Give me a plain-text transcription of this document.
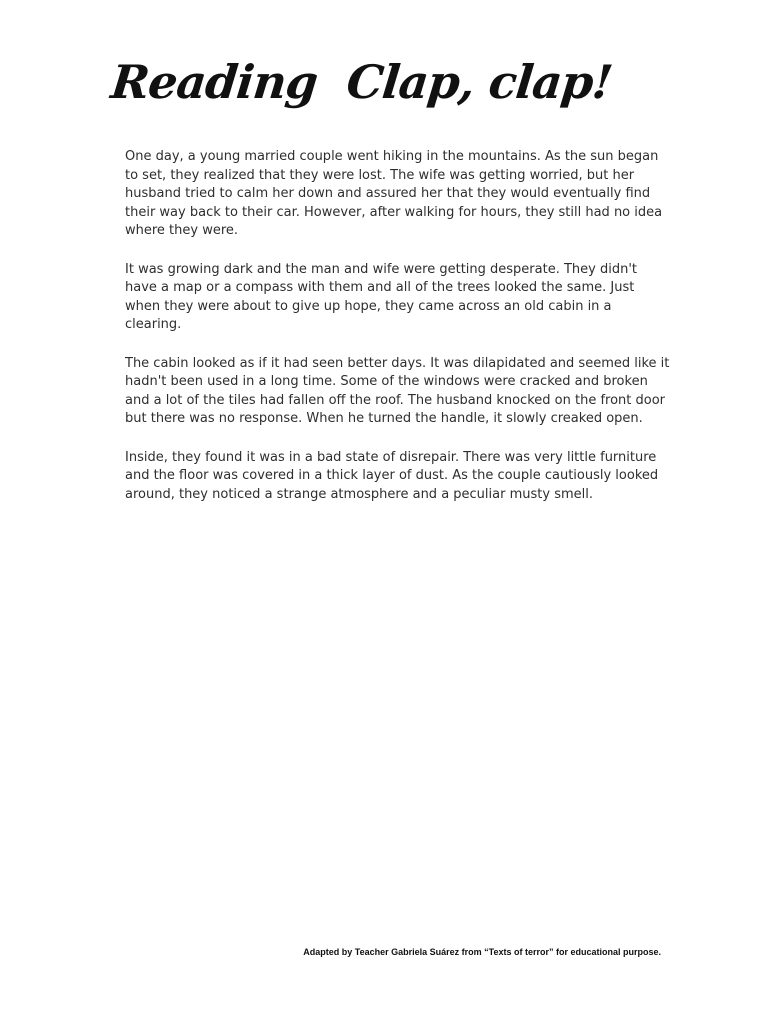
Reading  Clap, clap!

One day, a young married couple went hiking in the mountains. As the sun began to set, they realized that they were lost. The wife was getting worried, but her husband tried to calm her down and assured her that they would eventually find their way back to their car. However, after walking for hours, they still had no idea where they were.

It was growing dark and the man and wife were getting desperate. They didn't have a map or a compass with them and all of the trees looked the same. Just when they were about to give up hope, they came across an old cabin in a clearing.

The cabin looked as if it had seen better days. It was dilapidated and seemed like it hadn't been used in a long time. Some of the windows were cracked and broken and a lot of the tiles had fallen off the roof. The husband knocked on the front door but there was no response. When he turned the handle, it slowly creaked open.

Inside, they found it was in a bad state of disrepair. There was very little furniture and the floor was covered in a thick layer of dust. As the couple cautiously looked around, they noticed a strange atmosphere and a peculiar musty smell.

Adapted by Teacher Gabriela Suárez from “Texts of terror” for educational purpose.
